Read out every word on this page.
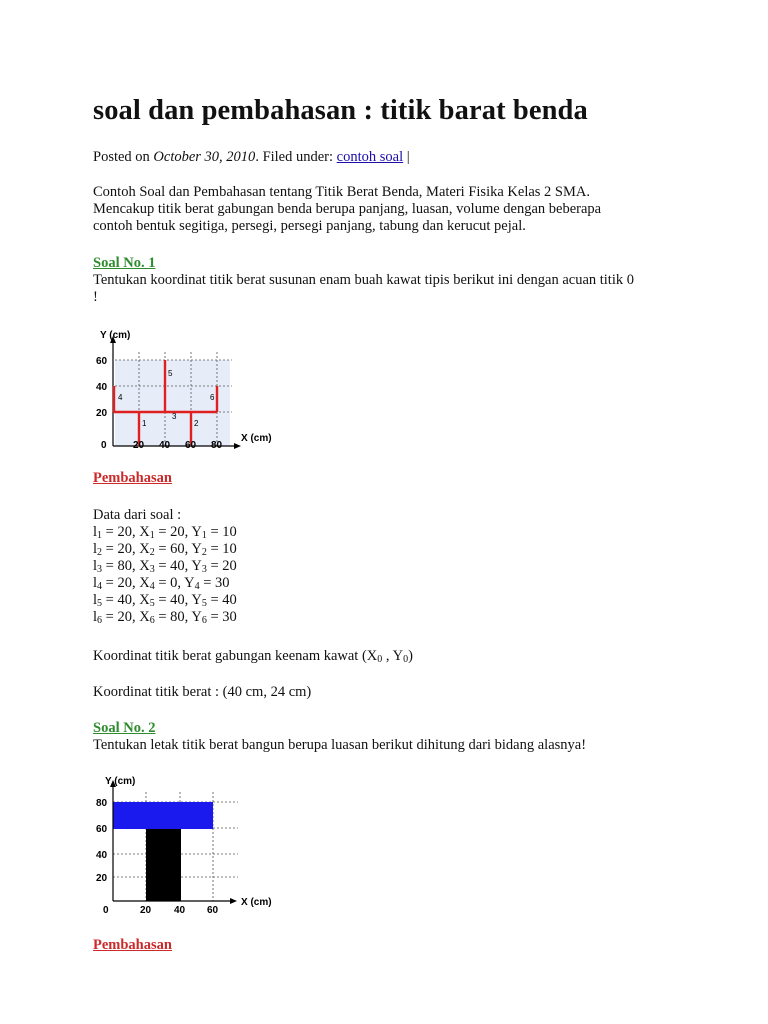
soal dan pembahasan : titik barat benda

Posted on October 30, 2010. Filed under: contoh soal |

Contoh Soal dan Pembahasan tentang Titik Berat Benda, Materi Fisika Kelas 2 SMA.

Mencakup titik berat gabungan benda berupa panjang, luasan, volume dengan beberapa

contoh bentuk segitiga, persegi, persegi panjang, tabung dan kerucut pejal.

Soal No. 1

Tentukan koordinat titik berat susunan enam buah kawat tipis berikut ini dengan acuan titik 0

!

1	2
3
4
5
6
Y (cm)
60
40
20
0	20 40 60 80
X (cm)

Pembahasan

Data dari soal :

$l_1 = 20$, $X_1 = 20$, $Y_1 = 10$

$l_2 = 20$, $X_2 = 60$, $Y_2 = 10$

$l_3 = 80$, $X_3 = 40$, $Y_3 = 20$

$l_4 = 20$, $X_4 = 0$, $Y_4 = 30$

$l_5 = 40$, $X_5 = 40$, $Y_5 = 40$

$l_6 = 20$, $X_6 = 80$, $Y_6 = 30$

Koordinat titik berat gabungan keenam kawat ($X_0$ , $Y_0$)

Koordinat titik berat : (40 cm, 24 cm)

Soal No. 2

Tentukan letak titik berat bangun berupa luasan berikut dihitung dari bidang alasnya!

Y (cm)
80
60
40
20
0	20 40 60
X (cm)

Pembahasan
